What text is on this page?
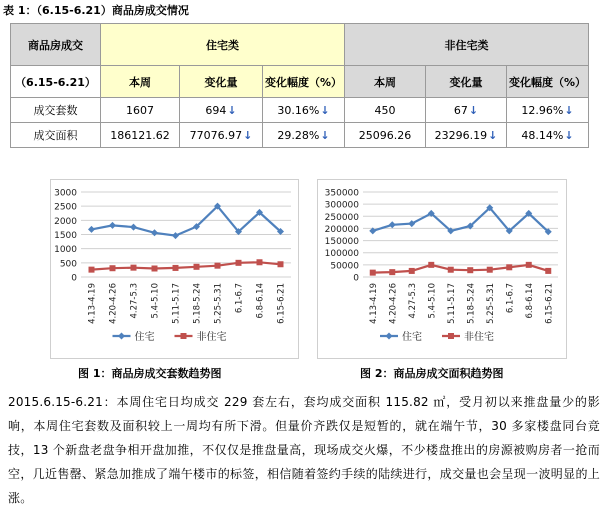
表 1：（6.15-6.21）商品房成交情况
商品房成交	住宅类			非住宅类		
（6.15-6.21）	本周	变化量	变化幅度（%）	本周	变化量	变化幅度（%）
成交套数	1607	694↓	30.16%↓	450	67↓	12.96%↓
成交面积	186121.62	77076.97↓	29.28%↓	25096.26	23296.19↓	48.14%↓
0
500
1000
1500
2000
2500
3000
4.13-4.19 4.20-4.26 4.27-5.3 5.4-5.10 5.11-5.17 5.18-5.24 5.25-5.31 6.1-6.7 6.8-6.14 6.15-6.21
住宅	非住宅
图 1：商品房成交套数趋势图
0
50000
100000
150000
200000
250000
300000
350000
4.13-4.19 4.20-4.26 4.27-5.3 5.4-5.10 5.11-5.17 5.18-5.24 5.25-5.31 6.1-6.7 6.8-6.14 6.15-6.21
住宅	非住宅
图 2：商品房成交面积趋势图

2015.6.15-6.21：本周住宅日均成交 229 套左右，套均成交面积 115.82 ㎡，受月初以来推盘量少的影响，本周住宅套数及面积较上一周均有所下滑。但量价齐跌仅是短暂的，就在端午节，30 多家楼盘同台竞技，13 个新盘老盘争相开盘加推，不仅仅是推盘量高，现场成交火爆，不少楼盘推出的房源被购房者一抢而空，几近售罄、紧急加推成了端午楼市的标签，相信随着签约手续的陆续进行，成交量也会呈现一波明显的上涨。
